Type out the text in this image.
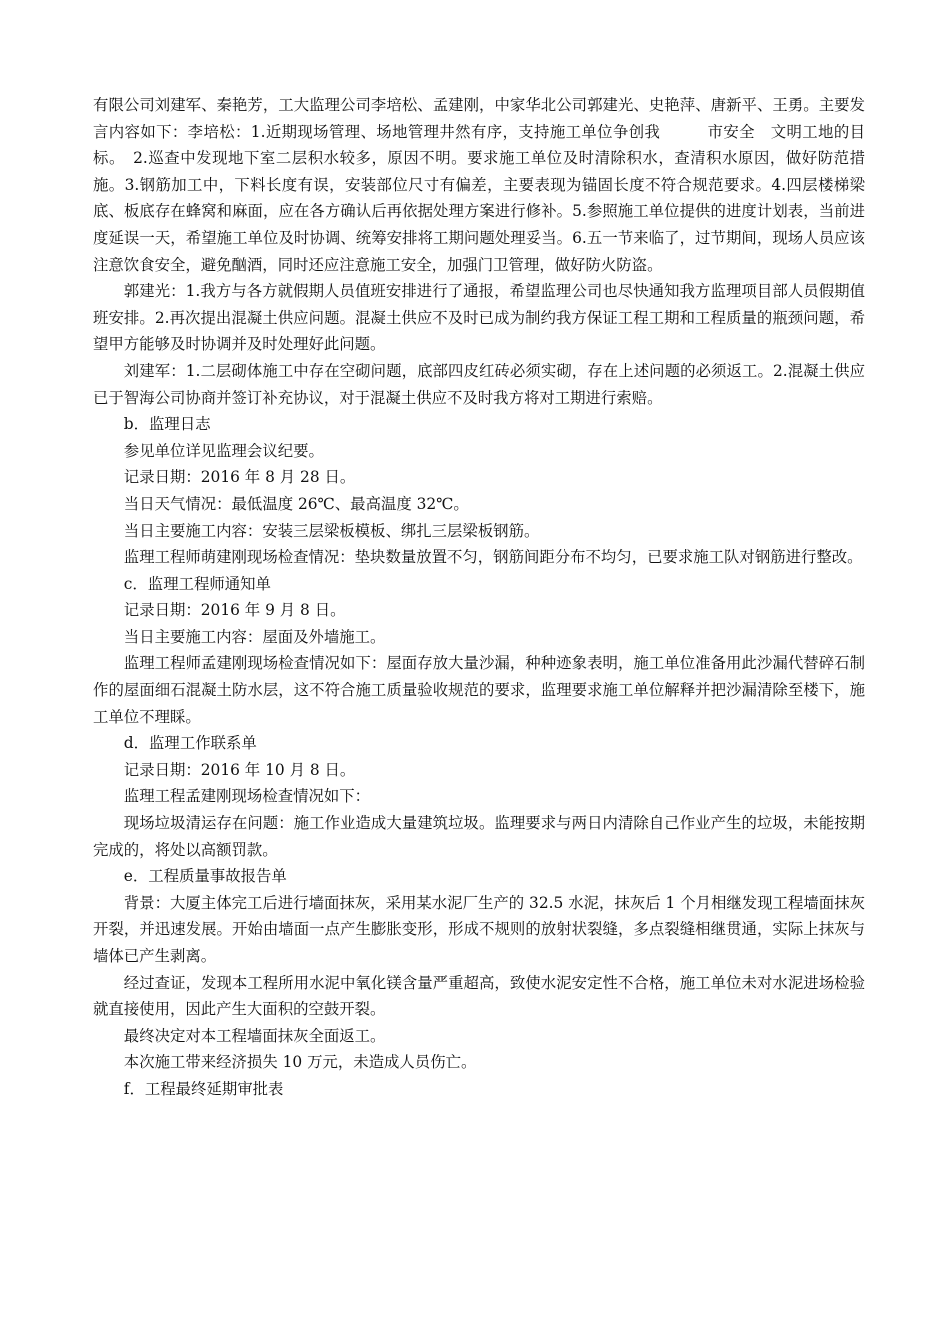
有限公司刘建军、秦艳芳，工大监理公司李培松、孟建刚，中家华北公司郭建光、史艳萍、唐新平、王勇。主要发言内容如下：李培松：1.近期现场管理、场地管理井然有序，支持施工单位争创我　　　市安全　文明工地的目标。　2.巡查中发现地下室二层积水较多，原因不明。要求施工单位及时清除积水，查清积水原因，做好防范措施。3.钢筋加工中，下料长度有误，安装部位尺寸有偏差，主要表现为锚固长度不符合规范要求。4.四层楼梯梁底、板底存在蜂窝和麻面，应在各方确认后再依据处理方案进行修补。5.参照施工单位提供的进度计划表，当前进度延误一天，希望施工单位及时协调、统筹安排将工期问题处理妥当。6.五一节来临了，过节期间，现场人员应该注意饮食安全，避免酗酒，同时还应注意施工安全，加强门卫管理，做好防火防盗。

郭建光：1.我方与各方就假期人员值班安排进行了通报，希望监理公司也尽快通知我方监理项目部人员假期值班安排。2.再次提出混凝土供应问题。混凝土供应不及时已成为制约我方保证工程工期和工程质量的瓶颈问题，希望甲方能够及时协调并及时处理好此问题。

刘建军：1.二层砌体施工中存在空砌问题，底部四皮红砖必须实砌，存在上述问题的必须返工。2.混凝土供应已于智海公司协商并签订补充协议，对于混凝土供应不及时我方将对工期进行索赔。

b．监理日志

参见单位详见监理会议纪要。

记录日期：2016 年 8 月 28 日。

当日天气情况：最低温度 26℃、最高温度 32℃。

当日主要施工内容：安装三层梁板模板、绑扎三层梁板钢筋。

监理工程师萌建刚现场检查情况：垫块数量放置不匀，钢筋间距分布不均匀，已要求施工队对钢筋进行整改。

c．监理工程师通知单

记录日期：2016 年 9 月 8 日。

当日主要施工内容：屋面及外墙施工。

监理工程师孟建刚现场检查情况如下：屋面存放大量沙漏，种种迹象表明，施工单位准备用此沙漏代替碎石制作的屋面细石混凝土防水层，这不符合施工质量验收规范的要求，监理要求施工单位解释并把沙漏清除至楼下，施工单位不理睬。

d．监理工作联系单

记录日期：2016 年 10 月 8 日。

监理工程孟建刚现场检查情况如下：

现场垃圾清运存在问题：施工作业造成大量建筑垃圾。监理要求与两日内清除自己作业产生的垃圾，未能按期完成的，将处以高额罚款。

e．工程质量事故报告单

背景：大厦主体完工后进行墙面抹灰，采用某水泥厂生产的 32.5 水泥，抹灰后 1 个月相继发现工程墙面抹灰开裂，并迅速发展。开始由墙面一点产生膨胀变形，形成不规则的放射状裂缝，多点裂缝相继贯通，实际上抹灰与墙体已产生剥离。

经过查证，发现本工程所用水泥中氧化镁含量严重超高，致使水泥安定性不合格，施工单位未对水泥进场检验就直接使用，因此产生大面积的空鼓开裂。

最终决定对本工程墙面抹灰全面返工。

本次施工带来经济损失 10 万元，未造成人员伤亡。

f．工程最终延期审批表
